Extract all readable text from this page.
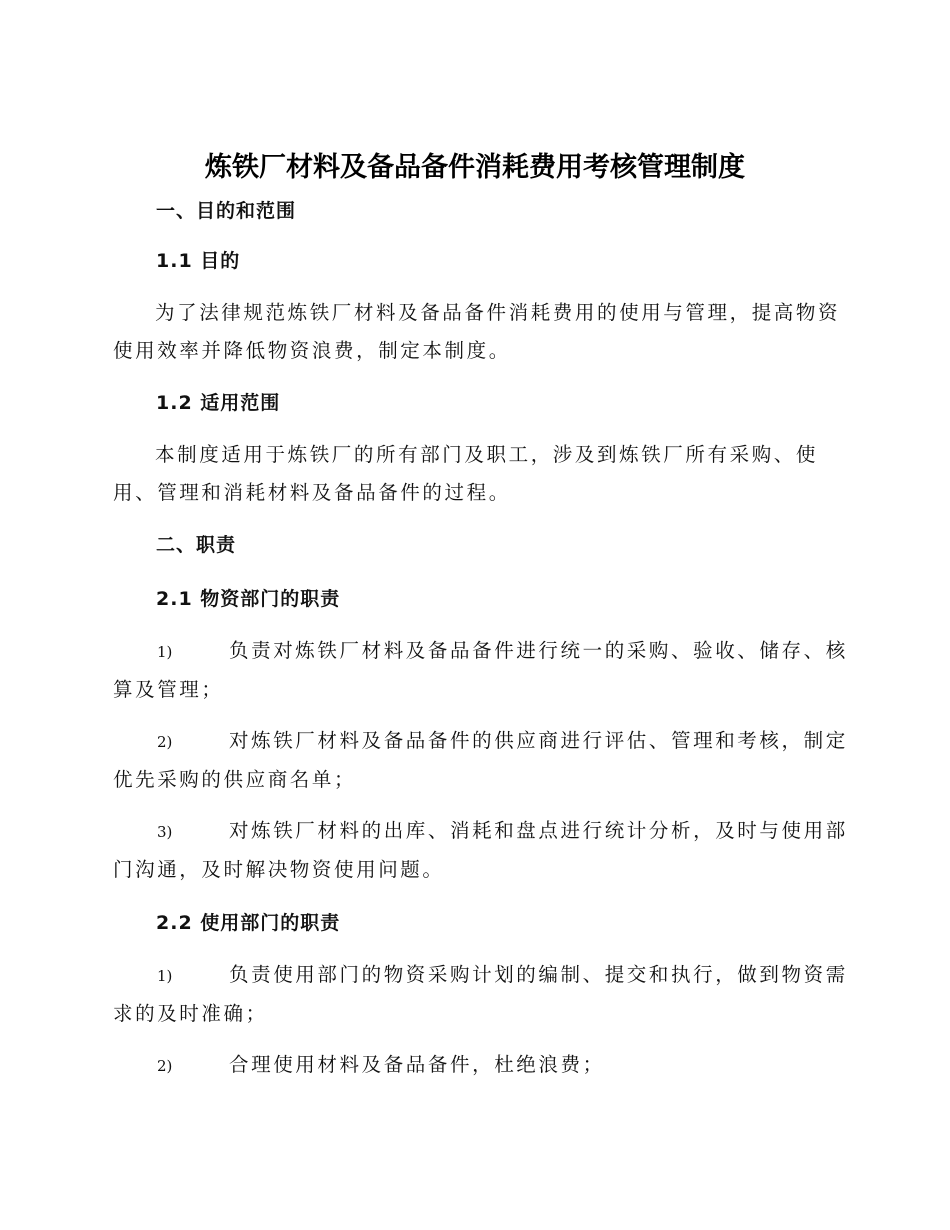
炼铁厂材料及备品备件消耗费用考核管理制度
一、目的和范围
1.1 目的
为了法律规范炼铁厂材料及备品备件消耗费用的使用与管理，提高物资
使用效率并降低物资浪费，制定本制度。
1.2 适用范围
本制度适用于炼铁厂的所有部门及职工，涉及到炼铁厂所有采购、使
用、管理和消耗材料及备品备件的过程。
二、职责
2.1 物资部门的职责
1)	负责对炼铁厂材料及备品备件进行统一的采购、验收、储存、核
算及管理；
2)	对炼铁厂材料及备品备件的供应商进行评估、管理和考核，制定
优先采购的供应商名单；
3)	对炼铁厂材料的出库、消耗和盘点进行统计分析，及时与使用部
门沟通，及时解决物资使用问题。
2.2 使用部门的职责
1)	负责使用部门的物资采购计划的编制、提交和执行，做到物资需
求的及时准确；
2)	合理使用材料及备品备件，杜绝浪费；
